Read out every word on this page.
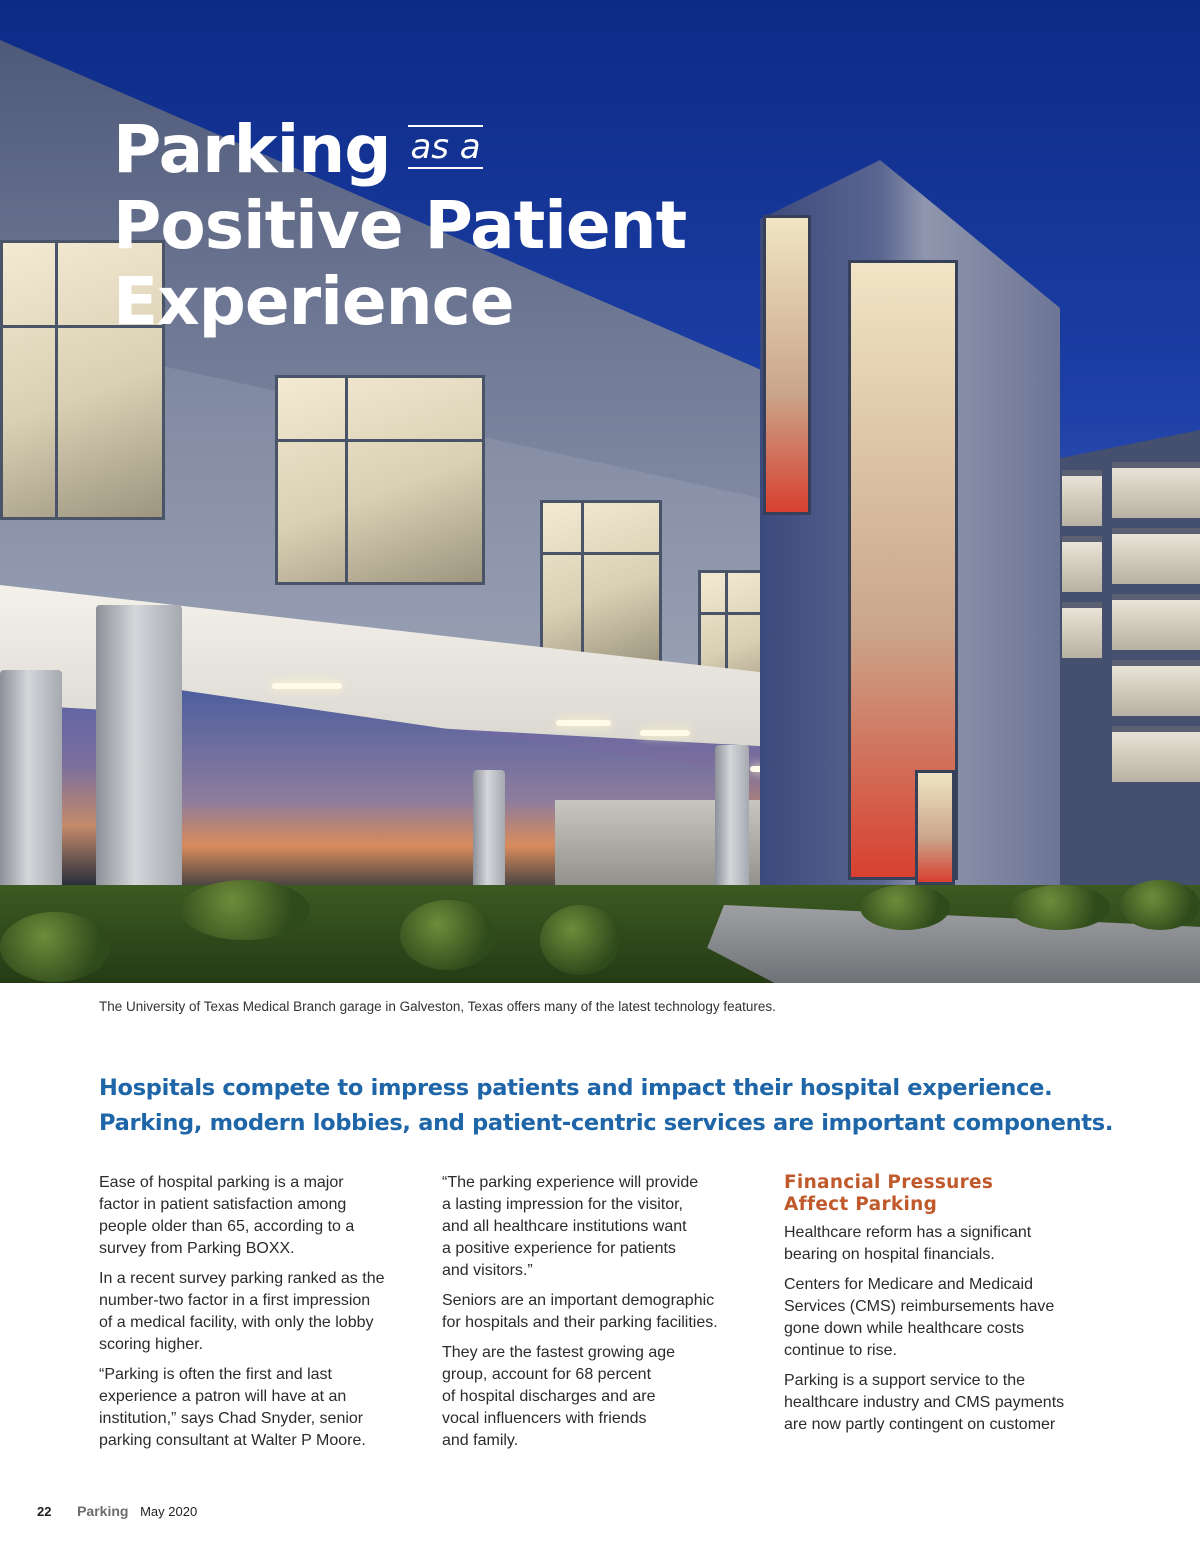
Parking as a
Positive Patient
Experience
The University of Texas Medical Branch garage in Galveston, Texas offers many of the latest technology features.
Hospitals compete to impress patients and impact their hospital experience.
Parking, modern lobbies, and patient-centric services are important components.

Ease of hospital parking is a major
factor in patient satisfaction among
people older than 65, according to a
survey from Parking BOXX.

In a recent survey parking ranked as the
number-two factor in a first impression
of a medical facility, with only the lobby
scoring higher.

“Parking is often the first and last
experience a patron will have at an
institution,” says Chad Snyder, senior
parking consultant at Walter P Moore.

“The parking experience will provide
a lasting impression for the visitor,
and all healthcare institutions want
a positive experience for patients
and visitors.”

Seniors are an important demographic
for hospitals and their parking facilities.

They are the fastest growing age
group, account for 68 percent
of hospital discharges and are
vocal influencers with friends
and family.

Financial Pressures
Affect Parking

Healthcare reform has a significant
bearing on hospital financials.

Centers for Medicare and Medicaid
Services (CMS) reimbursements have
gone down while healthcare costs
continue to rise.

Parking is a support service to the
healthcare industry and CMS payments
are now partly contingent on customer

22 Parking May 2020
